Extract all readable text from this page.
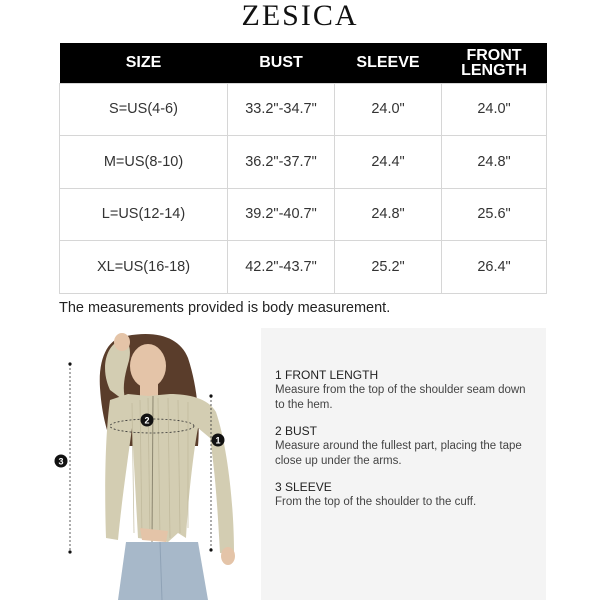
ZESICA
SIZE	BUST	SLEEVE	FRONT
LENGTH
S=US(4-6)	33.2"-34.7"	24.0"	24.0"
M=US(8-10)	36.2"-37.7"	24.4"	24.8"
L=US(12-14)	39.2"-40.7"	24.8"	25.6"
XL=US(16-18)	42.2"-43.7"	25.2"	26.4"
The measurements provided is body measurement.
1
2
3
1 FRONT LENGTH
Measure from the top of the shoulder seam down to the hem.
2 BUST
Measure around the fullest part, placing the tape close up under the arms.
3 SLEEVE
From the top of the shoulder to the cuff.
